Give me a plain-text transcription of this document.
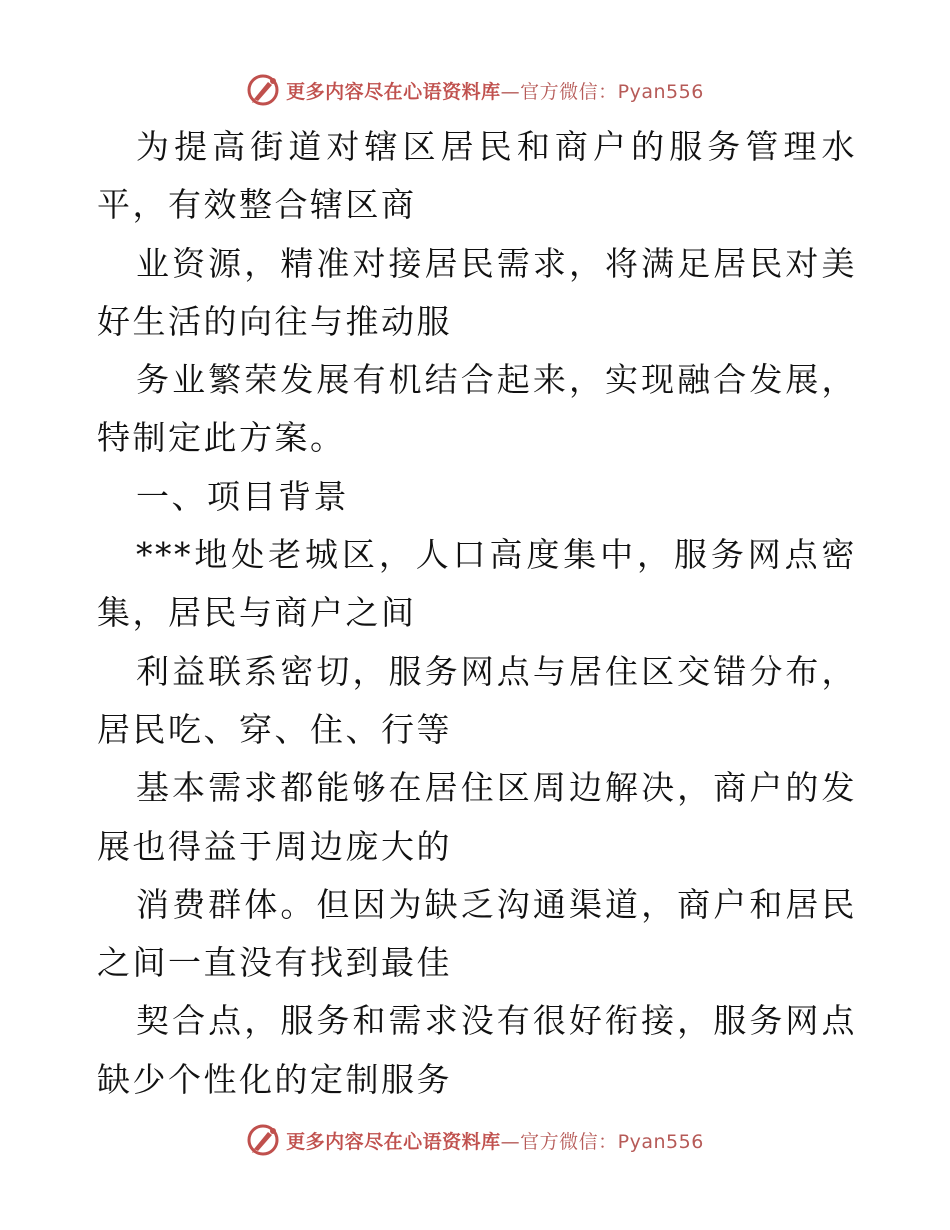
更多内容尽在心语资料库—官方微信：Pyan556

为提高街道对辖区居民和商户的服务管理水平，有效整合辖区商

业资源，精准对接居民需求，将满足居民对美好生活的向往与推动服

务业繁荣发展有机结合起来，实现融合发展，特制定此方案。

一、项目背景

***地处老城区，人口高度集中，服务网点密集，居民与商户之间

利益联系密切，服务网点与居住区交错分布，居民吃、穿、住、行等

基本需求都能够在居住区周边解决，商户的发展也得益于周边庞大的

消费群体。但因为缺乏沟通渠道，商户和居民之间一直没有找到最佳

契合点，服务和需求没有很好衔接，服务网点缺少个性化的定制服务

更多内容尽在心语资料库—官方微信：Pyan556
